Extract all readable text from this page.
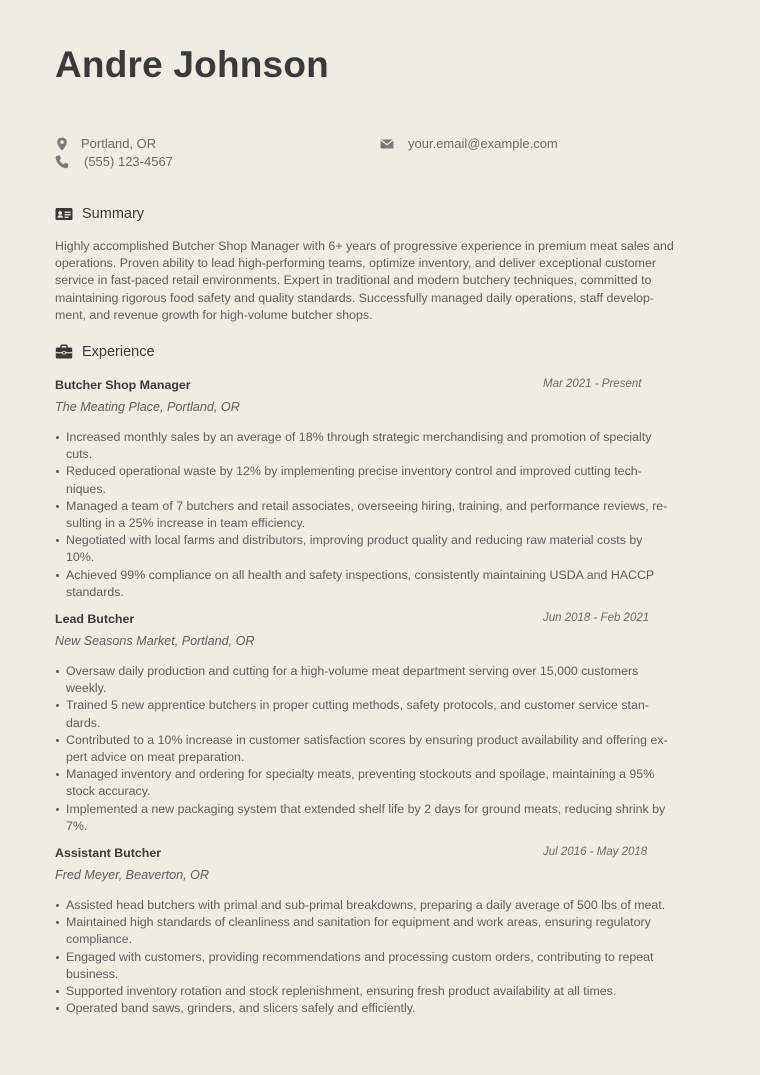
Andre Johnson
Portland, OR
(555) 123-4567
your.email@example.com
Summary

Highly accomplished Butcher Shop Manager with 6+ years of progressive experience in premium meat sales and
operations. Proven ability to lead high-performing teams, optimize inventory, and deliver exceptional customer
service in fast-paced retail environments. Expert in traditional and modern butchery techniques, committed to
maintaining rigorous food safety and quality standards. Successfully managed daily operations, staff develop-
ment, and revenue growth for high-volume butcher shops.

Experience
Butcher Shop Manager	Mar 2021 - Present
The Meating Place, Portland, OR
Increased monthly sales by an average of 18% through strategic merchandising and promotion of specialty
cuts.
Reduced operational waste by 12% by implementing precise inventory control and improved cutting tech-
niques.
Managed a team of 7 butchers and retail associates, overseeing hiring, training, and performance reviews, re-
sulting in a 25% increase in team efficiency.
Negotiated with local farms and distributors, improving product quality and reducing raw material costs by
10%.
Achieved 99% compliance on all health and safety inspections, consistently maintaining USDA and HACCP
standards.
Lead Butcher	Jun 2018 - Feb 2021
New Seasons Market, Portland, OR
Oversaw daily production and cutting for a high-volume meat department serving over 15,000 customers
weekly.
Trained 5 new apprentice butchers in proper cutting methods, safety protocols, and customer service stan-
dards.
Contributed to a 10% increase in customer satisfaction scores by ensuring product availability and offering ex-
pert advice on meat preparation.
Managed inventory and ordering for specialty meats, preventing stockouts and spoilage, maintaining a 95%
stock accuracy.
Implemented a new packaging system that extended shelf life by 2 days for ground meats, reducing shrink by
7%.
Assistant Butcher	Jul 2016 - May 2018
Fred Meyer, Beaverton, OR
Assisted head butchers with primal and sub-primal breakdowns, preparing a daily average of 500 lbs of meat.
Maintained high standards of cleanliness and sanitation for equipment and work areas, ensuring regulatory
compliance.
Engaged with customers, providing recommendations and processing custom orders, contributing to repeat
business.
Supported inventory rotation and stock replenishment, ensuring fresh product availability at all times.
Operated band saws, grinders, and slicers safely and efficiently.
